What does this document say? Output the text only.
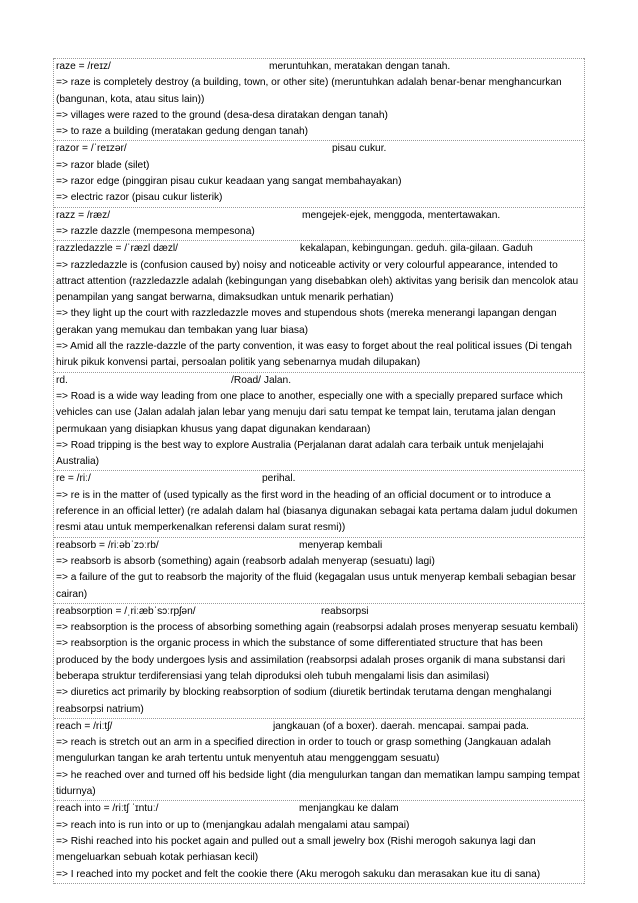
raze = /reɪz/	meruntuhkan, meratakan dengan tanah.

=> raze is completely destroy (a building, town, or other site) (meruntuhkan adalah benar-benar menghancurkan (bangunan, kota, atau situs lain))

=> villages were razed to the ground (desa-desa diratakan dengan tanah)

=> to raze a building (meratakan gedung dengan tanah)

razor = /ˈreɪzər/	pisau cukur.

=> razor blade (silet)

=> razor edge (pinggiran pisau cukur keadaan yang sangat membahayakan)

=> electric razor (pisau cukur listerik)

razz = /ræz/	mengejek-ejek, menggoda, mentertawakan.

=> razzle dazzle (mempesona mempesona)

razzledazzle = /ˈræzl dæzl/	kekalapan, kebingungan. geduh. gila-gilaan. Gaduh

=> razzledazzle is (confusion caused by) noisy and noticeable activity or very colourful appearance, intended to attract attention (razzledazzle adalah (kebingungan yang disebabkan oleh) aktivitas yang berisik dan mencolok atau penampilan yang sangat berwarna, dimaksudkan untuk menarik perhatian)

=> they light up the court with razzledazzle moves and stupendous shots (mereka menerangi lapangan dengan gerakan yang memukau dan tembakan yang luar biasa)

=> Amid all the razzle-dazzle of the party convention, it was easy to forget about the real political issues (Di tengah hiruk pikuk konvensi partai, persoalan politik yang sebenarnya mudah dilupakan)

rd.	/Road/ Jalan.

=> Road is a wide way leading from one place to another, especially one with a specially prepared surface which vehicles can use (Jalan adalah jalan lebar yang menuju dari satu tempat ke tempat lain, terutama jalan dengan permukaan yang disiapkan khusus yang dapat digunakan kendaraan)

=> Road tripping is the best way to explore Australia (Perjalanan darat adalah cara terbaik untuk menjelajahi Australia)

re = /riː/	perihal.

=> re is in the matter of (used typically as the first word in the heading of an official document or to introduce a reference in an official letter) (re adalah dalam hal (biasanya digunakan sebagai kata pertama dalam judul dokumen resmi atau untuk memperkenalkan referensi dalam surat resmi))

reabsorb = /riːəbˈzɔːrb/	menyerap kembali

=> reabsorb is absorb (something) again (reabsorb adalah menyerap (sesuatu) lagi)

=> a failure of the gut to reabsorb the majority of the fluid (kegagalan usus untuk menyerap kembali sebagian besar cairan)

reabsorption = /ˌriːæbˈsɔːrpʃən/	reabsorpsi

=> reabsorption is the process of absorbing something again (reabsorpsi adalah proses menyerap sesuatu kembali)

=> reabsorption is the organic process in which the substance of some differentiated structure that has been produced by the body undergoes lysis and assimilation (reabsorpsi adalah proses organik di mana substansi dari beberapa struktur terdiferensiasi yang telah diproduksi oleh tubuh mengalami lisis dan asimilasi)

=> diuretics act primarily by blocking reabsorption of sodium (diuretik bertindak terutama dengan menghalangi reabsorpsi natrium)

reach = /riːtʃ/	jangkauan (of a boxer). daerah. mencapai. sampai pada.

=> reach is stretch out an arm in a specified direction in order to touch or grasp something (Jangkauan adalah mengulurkan tangan ke arah tertentu untuk menyentuh atau menggenggam sesuatu)

=> he reached over and turned off his bedside light (dia mengulurkan tangan dan mematikan lampu samping tempat tidurnya)

reach into = /riːtʃ ˈɪntuː/	menjangkau ke dalam

=> reach into is run into or up to (menjangkau adalah mengalami atau sampai)

=> Rishi reached into his pocket again and pulled out a small jewelry box (Rishi merogoh sakunya lagi dan mengeluarkan sebuah kotak perhiasan kecil)

=> I reached into my pocket and felt the cookie there (Aku merogoh sakuku dan merasakan kue itu di sana)
